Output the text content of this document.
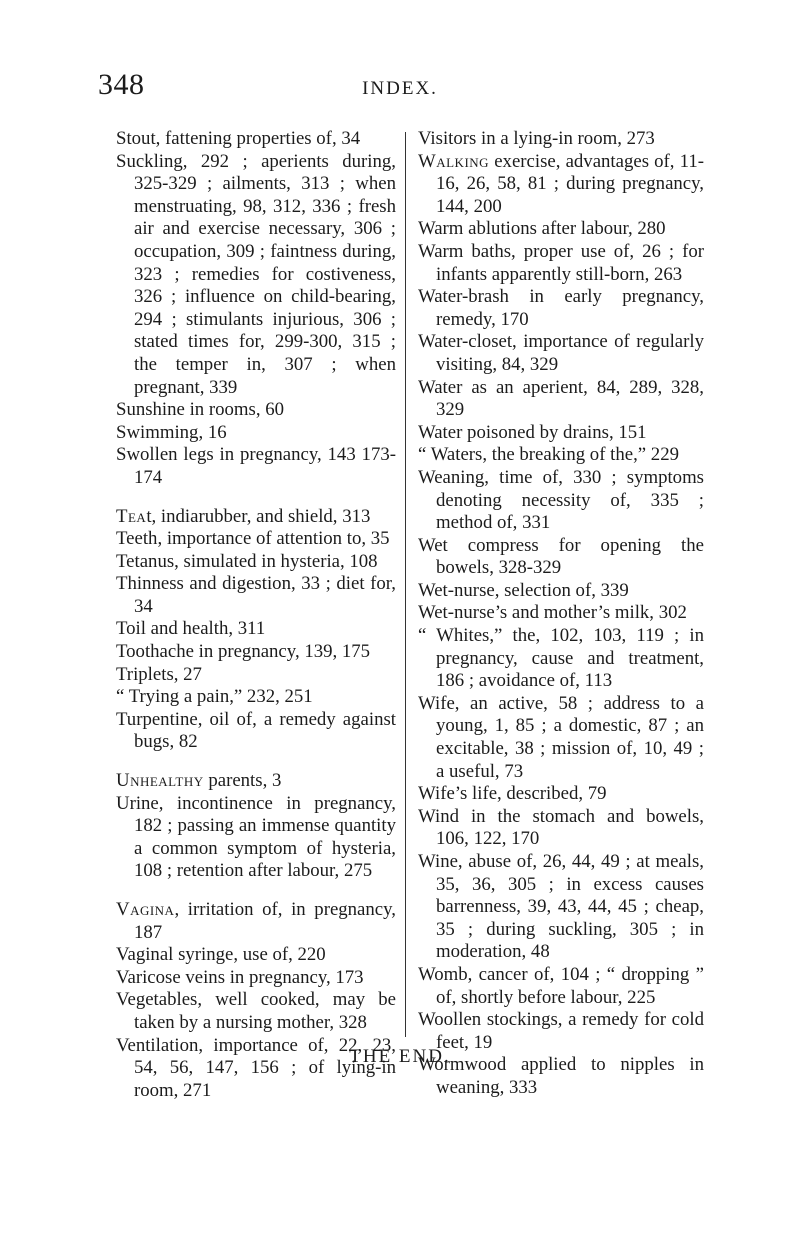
348	INDEX.

Stout, fattening properties of, 34

Suckling, 292 ; aperients during, 325-329 ; ailments, 313 ; when menstruating, 98, 312, 336 ; fresh air and exercise necessary, 306 ; occupation, 309 ; faintness during, 323 ; remedies for costiveness, 326 ; influence on child-bearing, 294 ; stimulants injurious, 306 ; stated times for, 299-300, 315 ; the temper in, 307 ; when pregnant, 339

Sunshine in rooms, 60

Swimming, 16

Swollen legs in pregnancy, 143 173-174

Teat, indiarubber, and shield, 313

Teeth, importance of attention to, 35

Tetanus, simulated in hysteria, 108

Thinness and digestion, 33 ; diet for, 34

Toil and health, 311

Toothache in pregnancy, 139, 175

Triplets, 27

“ Trying a pain,” 232, 251

Turpentine, oil of, a remedy against bugs, 82

Unhealthy parents, 3

Urine, incontinence in pregnancy, 182 ; passing an immense quantity a common symptom of hysteria, 108 ; retention after labour, 275

Vagina, irritation of, in pregnancy, 187

Vaginal syringe, use of, 220

Varicose veins in pregnancy, 173

Vegetables, well cooked, may be taken by a nursing mother, 328

Ventilation, importance of, 22, 23, 54, 56, 147, 156 ; of lying-in room, 271

Visitors in a lying-in room, 273

Walking exercise, advantages of, 11-16, 26, 58, 81 ; during pregnancy, 144, 200

Warm ablutions after labour, 280

Warm baths, proper use of, 26 ; for infants apparently still-born, 263

Water-brash in early pregnancy, remedy, 170

Water-closet, importance of regularly visiting, 84, 329

Water as an aperient, 84, 289, 328, 329

Water poisoned by drains, 151

“ Waters, the breaking of the,” 229

Weaning, time of, 330 ; symptoms denoting necessity of, 335 ; method of, 331

Wet compress for opening the bowels, 328-329

Wet-nurse, selection of, 339

Wet-nurse’s and mother’s milk, 302

“ Whites,” the, 102, 103, 119 ; in pregnancy, cause and treatment, 186 ; avoidance of, 113

Wife, an active, 58 ; address to a young, 1, 85 ; a domestic, 87 ; an excitable, 38 ; mission of, 10, 49 ; a useful, 73

Wife’s life, described, 79

Wind in the stomach and bowels, 106, 122, 170

Wine, abuse of, 26, 44, 49 ; at meals, 35, 36, 305 ; in excess causes barrenness, 39, 43, 44, 45 ; cheap, 35 ; during suckling, 305 ; in moderation, 48

Womb, cancer of, 104 ; “ dropping ” of, shortly before labour, 225

Woollen stockings, a remedy for cold feet, 19

Wormwood applied to nipples in weaning, 333

THE END.
